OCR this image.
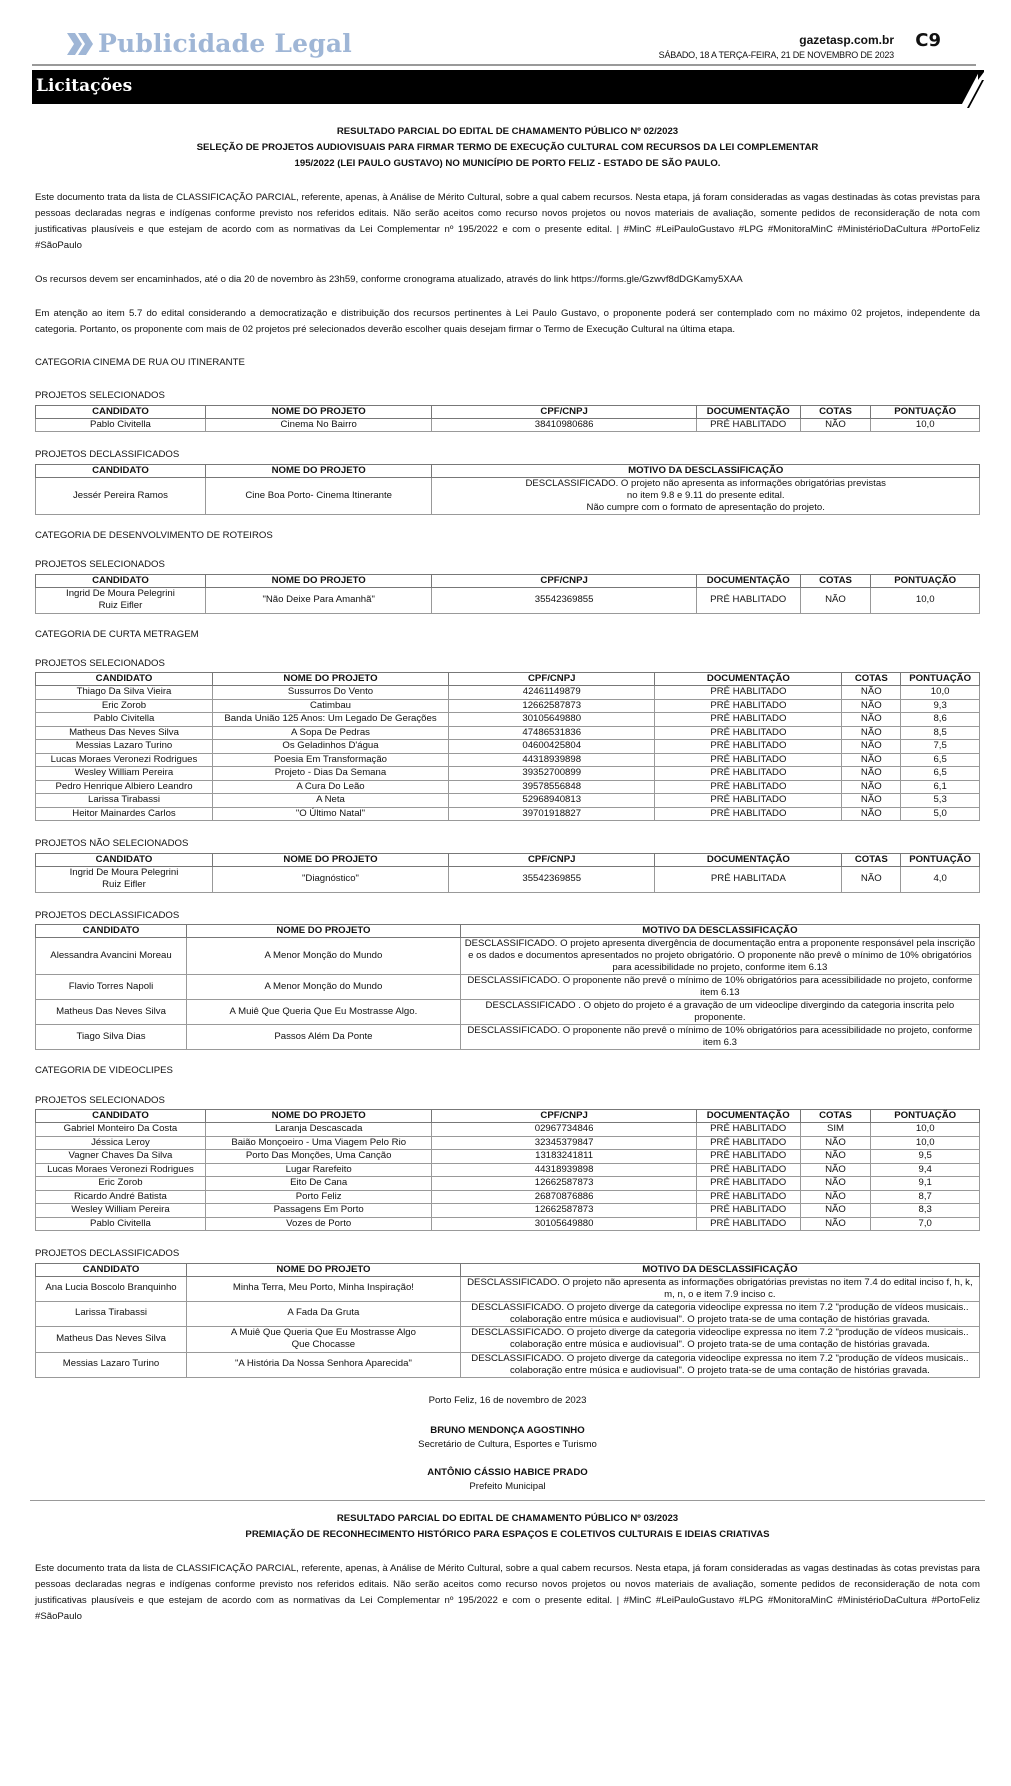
Publicidade Legal	gazetasp.com.br
SÁBADO, 18 A TERÇA-FEIRA, 21 DE NOVEMBRO DE 2023
C9
Licitações
RESULTADO PARCIAL DO EDITAL DE CHAMAMENTO PÚBLICO Nº 02/2023
SELEÇÃO DE PROJETOS AUDIOVISUAIS PARA FIRMAR TERMO DE EXECUÇÃO CULTURAL COM RECURSOS DA LEI COMPLEMENTAR
195/2022 (LEI PAULO GUSTAVO) NO MUNICÍPIO DE PORTO FELIZ - ESTADO DE SÃO PAULO.

Este documento trata da lista de CLASSIFICAÇÃO PARCIAL, referente, apenas, à Análise de Mérito Cultural, sobre a qual cabem recursos. Nesta etapa, já foram consideradas as vagas destinadas às cotas previstas para pessoas declaradas negras e indígenas conforme previsto nos referidos editais. Não serão aceitos como recurso novos projetos ou novos materiais de avaliação, somente pedidos de reconsideração de nota com justificativas plausíveis e que estejam de acordo com as normativas da Lei Complementar nº 195/2022 e com o presente edital. | #MinC #LeiPauloGustavo #LPG #MonitoraMinC #MinistérioDaCultura #PortoFeliz #SãoPaulo

Os recursos devem ser encaminhados, até o dia 20 de novembro às 23h59, conforme cronograma atualizado, através do link https://forms.gle/Gzwvf8dDGKamy5XAA

Em atenção ao item 5.7 do edital considerando a democratização e distribuição dos recursos pertinentes à Lei Paulo Gustavo, o proponente poderá ser contemplado com no máximo 02 projetos, independente da categoria. Portanto, os proponente com mais de 02 projetos pré selecionados deverão escolher quais desejam firmar o Termo de Execução Cultural na última etapa.

CATEGORIA CINEMA DE RUA OU ITINERANTE
PROJETOS SELECIONADOS
CANDIDATO	NOME DO PROJETO	CPF/CNPJ	DOCUMENTAÇÃO	COTAS	PONTUAÇÃO
Pablo Civitella	Cinema No Bairro	38410980686	PRÉ HABLITADO	NÃO	10,0
PROJETOS DECLASSIFICADOS
CANDIDATO	NOME DO PROJETO	MOTIVO DA DESCLASSIFICAÇÃO
Jessér Pereira Ramos	Cine Boa Porto- Cinema Itinerante	DESCLASSIFICADO. O projeto não apresenta as informações obrigatórias previstas
no item 9.8 e 9.11 do presente edital.
Não cumpre com o formato de apresentação do projeto.
CATEGORIA DE DESENVOLVIMENTO DE ROTEIROS
PROJETOS SELECIONADOS
CANDIDATO	NOME DO PROJETO	CPF/CNPJ	DOCUMENTAÇÃO	COTAS	PONTUAÇÃO
Ingrid De Moura Pelegrini
Ruiz Eifler	"Não Deixe Para Amanhã"	35542369855	PRÉ HABLITADO	NÃO	10,0
CATEGORIA DE CURTA METRAGEM
PROJETOS SELECIONADOS
CANDIDATO	NOME DO PROJETO	CPF/CNPJ	DOCUMENTAÇÃO	COTAS	PONTUAÇÃO
Thiago Da Silva Vieira	Sussurros Do Vento	42461149879	PRÉ HABLITADO	NÃO	10,0
Eric Zorob	Catimbau	12662587873	PRÉ HABLITADO	NÃO	9,3
Pablo Civitella	Banda União 125 Anos: Um Legado De Gerações	30105649880	PRÉ HABLITADO	NÃO	8,6
Matheus Das Neves Silva	A Sopa De Pedras	47486531836	PRÉ HABLITADO	NÃO	8,5
Messias Lazaro Turino	Os Geladinhos D'água	04600425804	PRÉ HABLITADO	NÃO	7,5
Lucas Moraes Veronezi Rodrigues	Poesia Em Transformação	44318939898	PRÉ HABLITADO	NÃO	6,5
Wesley William Pereira	Projeto - Dias Da Semana	39352700899	PRÉ HABLITADO	NÃO	6,5
Pedro Henrique Albiero Leandro	A Cura Do Leão	39578556848	PRÉ HABLITADO	NÃO	6,1
Larissa Tirabassi	A Neta	52968940813	PRÉ HABLITADO	NÃO	5,3
Heitor Mainardes Carlos	"O Último Natal"	39701918827	PRÉ HABLITADO	NÃO	5,0
PROJETOS NÃO SELECIONADOS
CANDIDATO	NOME DO PROJETO	CPF/CNPJ	DOCUMENTAÇÃO	COTAS	PONTUAÇÃO
Ingrid De Moura Pelegrini
Ruiz Eifler	"Diagnóstico"	35542369855	PRÉ HABLITADA	NÃO	4,0
PROJETOS DECLASSIFICADOS
CANDIDATO	NOME DO PROJETO	MOTIVO DA DESCLASSIFICAÇÃO
Alessandra Avancini Moreau	A Menor Monção do Mundo	DESCLASSIFICADO. O projeto apresenta divergência de documentação entra a proponente responsável pela inscrição e os dados e documentos apresentados no projeto obrigatório. O proponente não prevê o mínimo de 10% obrigatórios para acessibilidade no projeto, conforme item 6.13
Flavio Torres Napoli	A Menor Monção do Mundo	DESCLASSIFICADO. O proponente não prevê o mínimo de 10% obrigatórios para acessibilidade no projeto, conforme item 6.13
Matheus Das Neves Silva	A Muiê Que Queria Que Eu Mostrasse Algo.	DESCLASSIFICADO . O objeto do projeto é a gravação de um videoclipe divergindo da categoria inscrita pelo proponente.
Tiago Silva Dias	Passos Além Da Ponte	DESCLASSIFICADO. O proponente não prevê o mínimo de 10% obrigatórios para acessibilidade no projeto, conforme item 6.3
CATEGORIA DE VIDEOCLIPES
PROJETOS SELECIONADOS
CANDIDATO	NOME DO PROJETO	CPF/CNPJ	DOCUMENTAÇÃO	COTAS	PONTUAÇÃO
Gabriel Monteiro Da Costa	Laranja Descascada	02967734846	PRÉ HABLITADO	SIM	10,0
Jéssica Leroy	Baião Monçoeiro - Uma Viagem Pelo Rio	32345379847	PRÉ HABLITADO	NÃO	10,0
Vagner Chaves Da Silva	Porto Das Monções, Uma Canção	13183241811	PRÉ HABLITADO	NÃO	9,5
Lucas Moraes Veronezi Rodrigues	Lugar Rarefeito	44318939898	PRÉ HABLITADO	NÃO	9,4
Eric Zorob	Eito De Cana	12662587873	PRÉ HABLITADO	NÃO	9,1
Ricardo André Batista	Porto Feliz	26870876886	PRÉ HABLITADO	NÃO	8,7
Wesley William Pereira	Passagens Em Porto	12662587873	PRÉ HABLITADO	NÃO	8,3
Pablo Civitella	Vozes de Porto	30105649880	PRÉ HABLITADO	NÃO	7,0
PROJETOS DECLASSIFICADOS
CANDIDATO	NOME DO PROJETO	MOTIVO DA DESCLASSIFICAÇÃO
Ana Lucia Boscolo Branquinho	Minha Terra, Meu Porto, Minha Inspiração!	DESCLASSIFICADO. O projeto não apresenta as informações obrigatórias previstas no item 7.4 do edital inciso f, h, k, m, n, o e item 7.9 inciso c.
Larissa Tirabassi	A Fada Da Gruta	DESCLASSIFICADO. O projeto diverge da categoria videoclipe expressa no item 7.2 "produção de vídeos musicais.. colaboração entre música e audiovisual". O projeto trata-se de uma contação de histórias gravada.
Matheus Das Neves Silva	A Muiê Que Queria Que Eu Mostrasse Algo
Que Chocasse	DESCLASSIFICADO. O projeto diverge da categoria videoclipe expressa no item 7.2 "produção de vídeos musicais.. colaboração entre música e audiovisual". O projeto trata-se de uma contação de histórias gravada.
Messias Lazaro Turino	"A História Da Nossa Senhora Aparecida"	DESCLASSIFICADO. O projeto diverge da categoria videoclipe expressa no item 7.2 "produção de vídeos musicais.. colaboração entre música e audiovisual". O projeto trata-se de uma contação de histórias gravada.
Porto Feliz, 16 de novembro de 2023
BRUNO MENDONÇA AGOSTINHO
Secretário de Cultura, Esportes e Turismo
ANTÔNIO CÁSSIO HABICE PRADO
Prefeito Municipal
RESULTADO PARCIAL DO EDITAL DE CHAMAMENTO PÚBLICO Nº 03/2023
PREMIAÇÃO DE RECONHECIMENTO HISTÓRICO PARA ESPAÇOS E COLETIVOS CULTURAIS E IDEIAS CRIATIVAS

Este documento trata da lista de CLASSIFICAÇÃO PARCIAL, referente, apenas, à Análise de Mérito Cultural, sobre a qual cabem recursos. Nesta etapa, já foram consideradas as vagas destinadas às cotas previstas para pessoas declaradas negras e indígenas conforme previsto nos referidos editais. Não serão aceitos como recurso novos projetos ou novos materiais de avaliação, somente pedidos de reconsideração de nota com justificativas plausíveis e que estejam de acordo com as normativas da Lei Complementar nº 195/2022 e com o presente edital. | #MinC #LeiPauloGustavo #LPG #MonitoraMinC #MinistérioDaCultura #PortoFeliz #SãoPaulo
